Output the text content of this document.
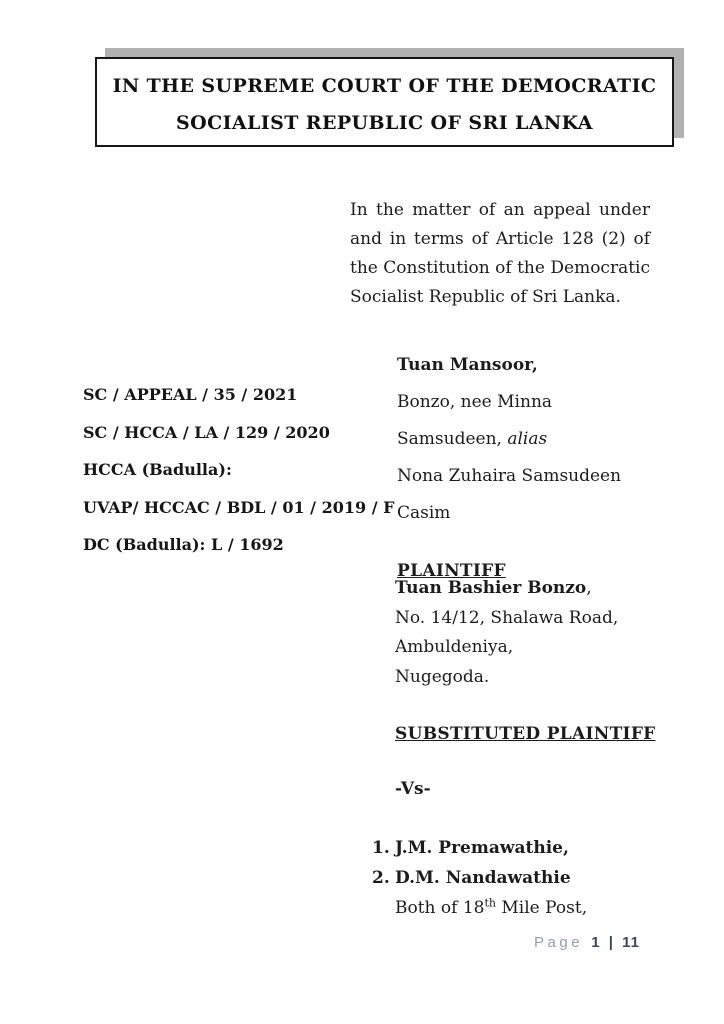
IN THE SUPREME COURT OF THE DEMOCRATIC
SOCIALIST REPUBLIC OF SRI LANKA

In the matter of an appeal under and in terms of Article 128 (2) of the Constitution of the Democratic Socialist Republic of Sri Lanka.

SC / APPEAL / 35 / 2021
SC / HCCA / LA / 129 / 2020
HCCA (Badulla):
UVAP/ HCCAC / BDL / 01 / 2019 / F
DC (Badulla): L / 1692
Tuan Mansoor,
Bonzo, nee Minna
Samsudeen, alias
Nona Zuhaira Samsudeen Casim
PLAINTIFF
Tuan Bashier Bonzo,
No. 14/12, Shalawa Road,
Ambuldeniya,
Nugegoda.
SUBSTITUTED PLAINTIFF
-Vs-
1. J.M. Premawathie,
2. D.M. Nandawathie
Both of 18th Mile Post,
Page 1 | 11
